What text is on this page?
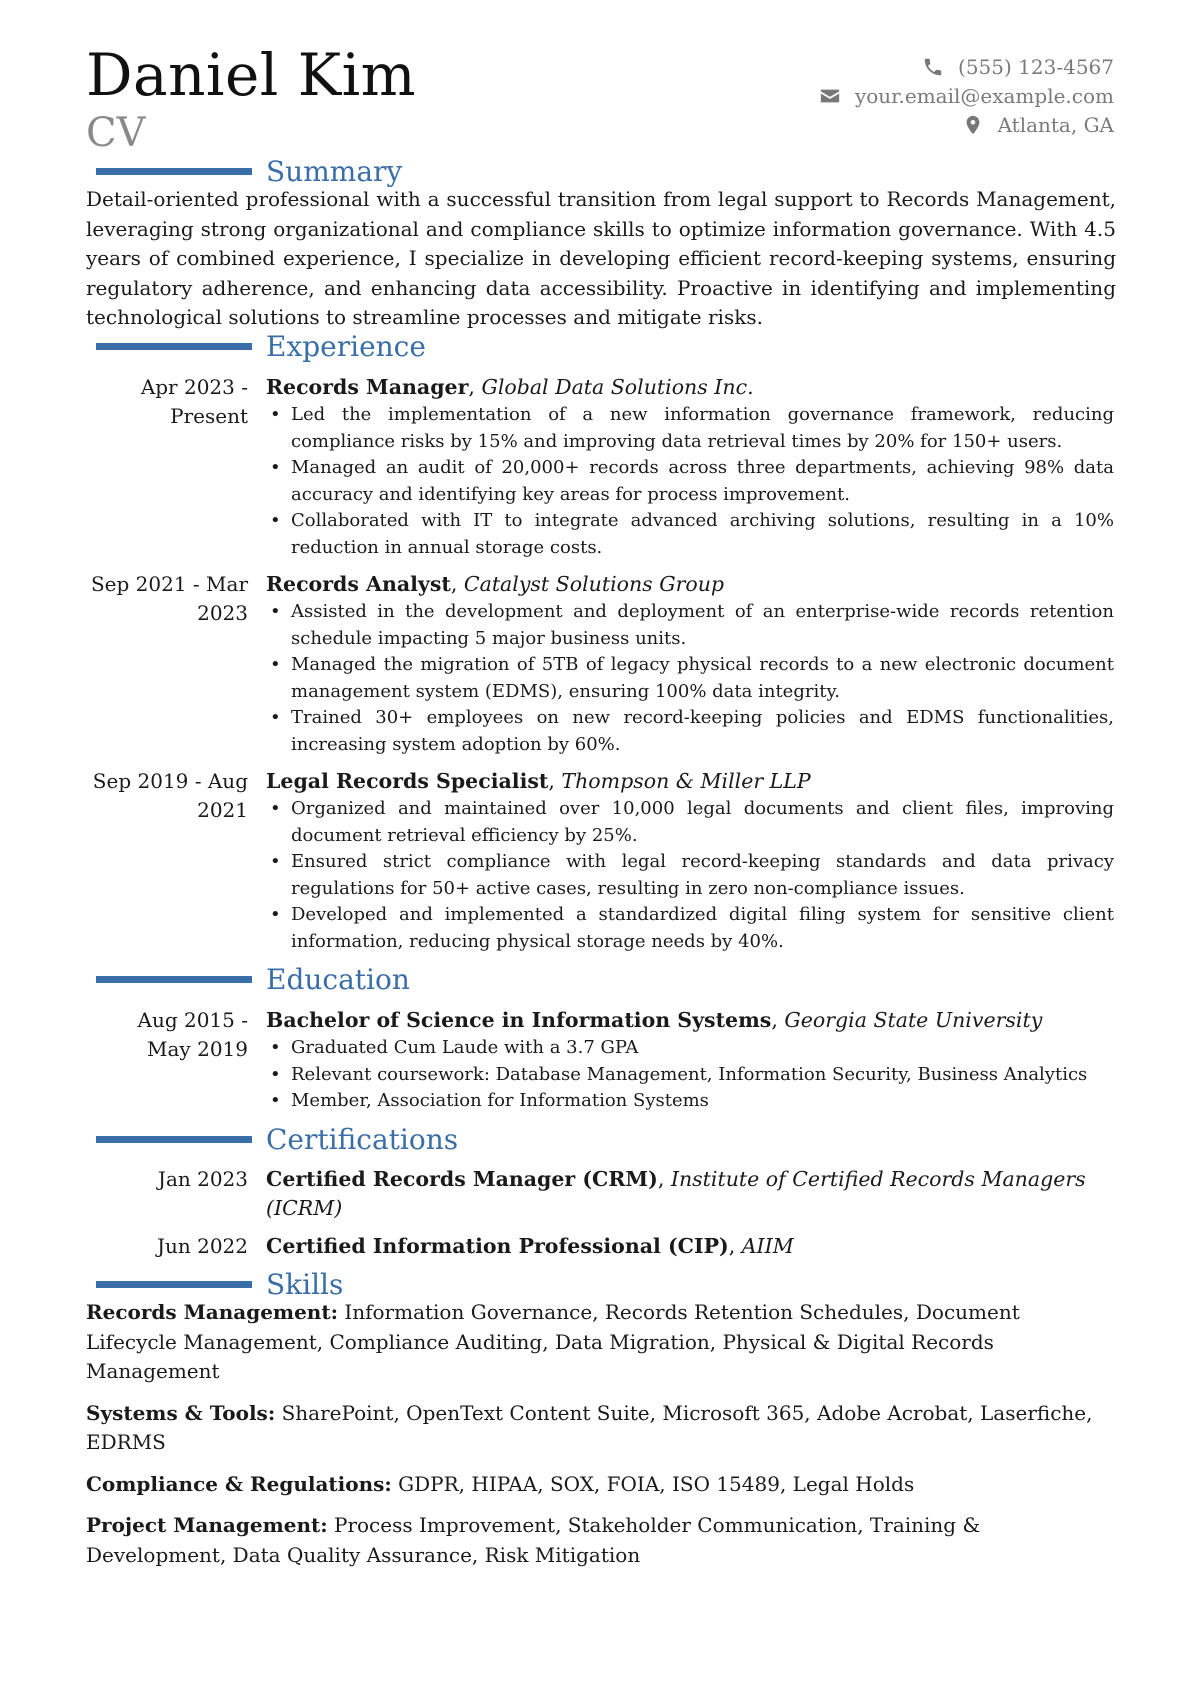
Daniel Kim
CV
(555) 123-4567
your.email@example.com
Atlanta, GA
Summary
Detail-oriented professional with a successful transition from legal support to Records Management, leveraging strong organizational and compliance skills to optimize information governance. With 4.5 years of combined experience, I specialize in developing efficient record-keeping systems, ensuring regulatory adherence, and enhancing data accessibility. Proactive in identifying and implementing technological solutions to streamline processes and mitigate risks.
Experience
Apr 2023 -
Present
Records Manager, Global Data Solutions Inc.
• Led the implementation of a new information governance framework, reducing compliance risks by 15% and improving data retrieval times by 20% for 150+ users.
• Managed an audit of 20,000+ records across three departments, achieving 98% data accuracy and identifying key areas for process improvement.
• Collaborated with IT to integrate advanced archiving solutions, resulting in a 10% reduction in annual storage costs.
Sep 2021 - Mar
2023
Records Analyst, Catalyst Solutions Group
• Assisted in the development and deployment of an enterprise-wide records retention schedule impacting 5 major business units.
• Managed the migration of 5TB of legacy physical records to a new electronic document management system (EDMS), ensuring 100% data integrity.
• Trained 30+ employees on new record-keeping policies and EDMS functionalities, increasing system adoption by 60%.
Sep 2019 - Aug
2021
Legal Records Specialist, Thompson & Miller LLP
• Organized and maintained over 10,000 legal documents and client files, improving document retrieval efficiency by 25%.
• Ensured strict compliance with legal record-keeping standards and data privacy regulations for 50+ active cases, resulting in zero non-compliance issues.
• Developed and implemented a standardized digital filing system for sensitive client information, reducing physical storage needs by 40%.
Education
Aug 2015 -
May 2019
Bachelor of Science in Information Systems, Georgia State University
• Graduated Cum Laude with a 3.7 GPA
• Relevant coursework: Database Management, Information Security, Business Analytics
• Member, Association for Information Systems
Certifications
Jan 2023 Certified Records Manager (CRM), Institute of Certified Records Managers (ICRM)
Jun 2022 Certified Information Professional (CIP), AIIM
Skills
Records Management: Information Governance, Records Retention Schedules, Document Lifecycle Management, Compliance Auditing, Data Migration, Physical & Digital Records Management
Systems & Tools: SharePoint, OpenText Content Suite, Microsoft 365, Adobe Acrobat, Laserfiche, EDRMS
Compliance & Regulations: GDPR, HIPAA, SOX, FOIA, ISO 15489, Legal Holds
Project Management: Process Improvement, Stakeholder Communication, Training & Development, Data Quality Assurance, Risk Mitigation
